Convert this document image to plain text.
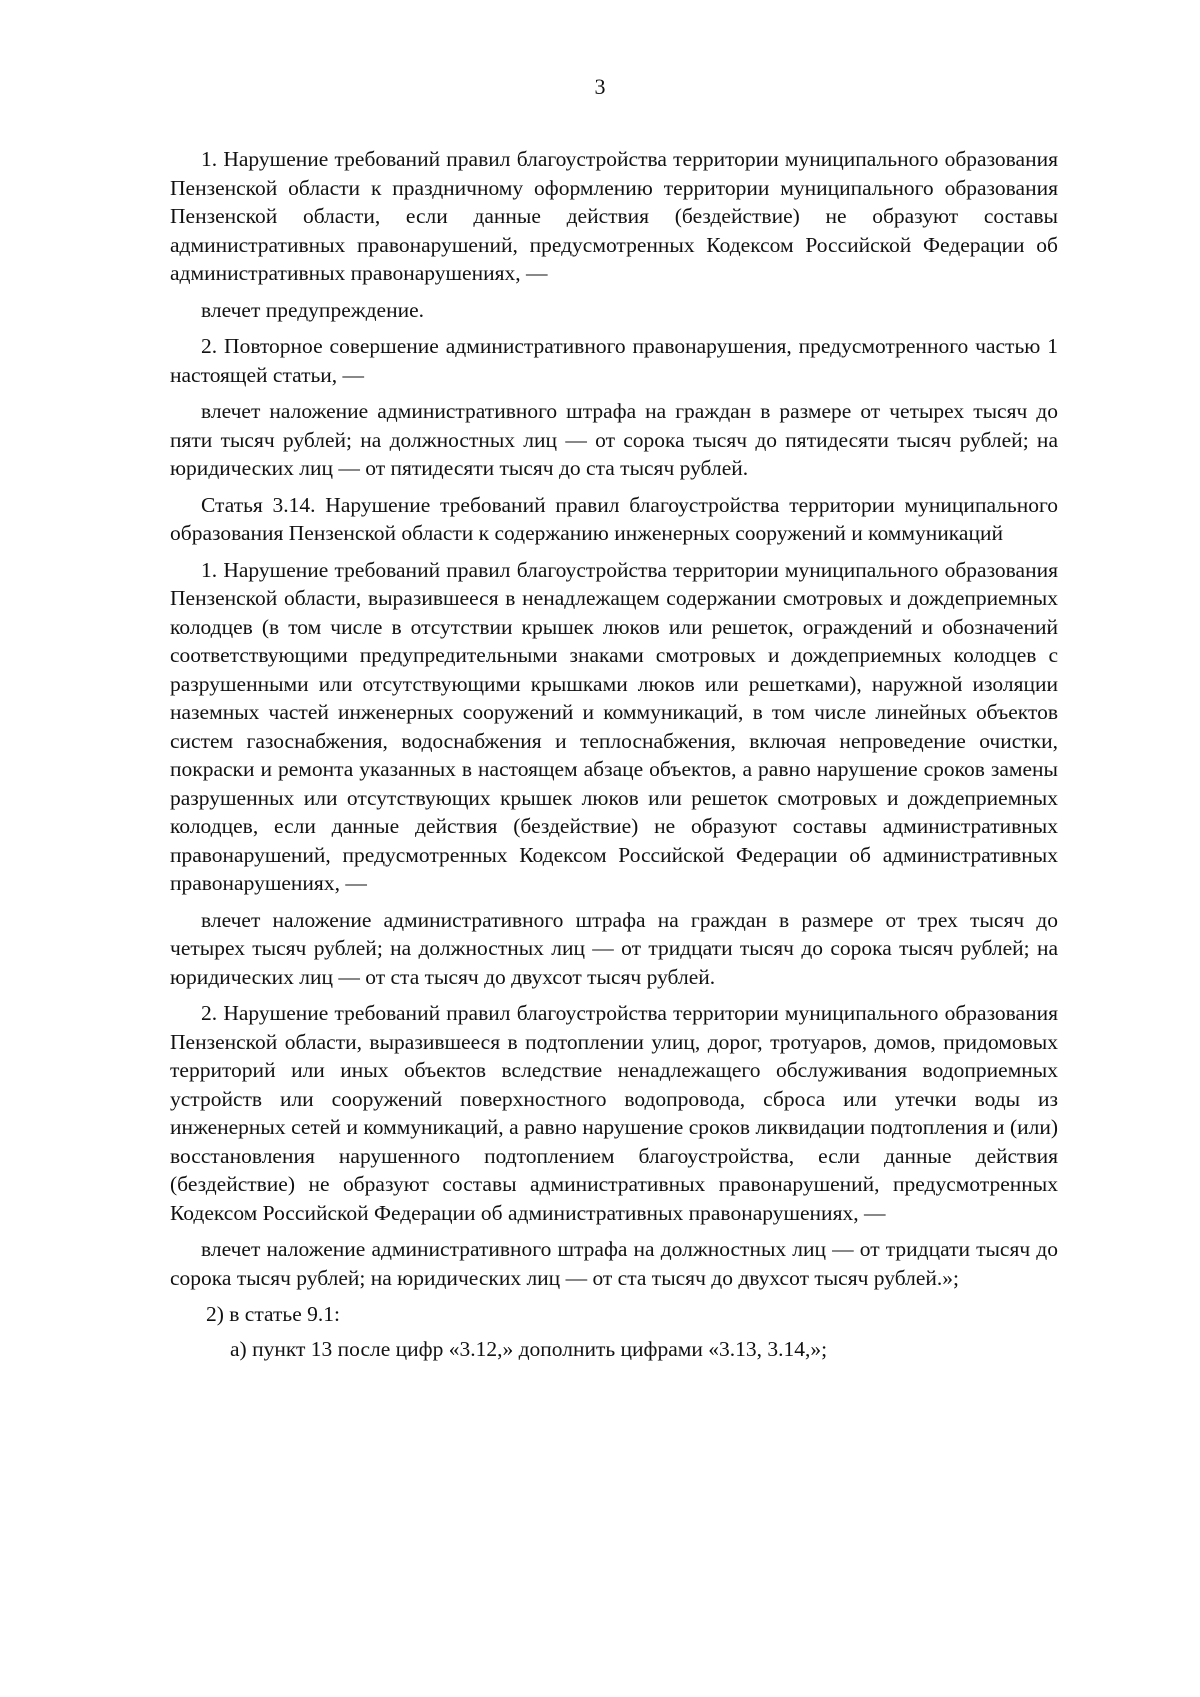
3

1. Нарушение требований правил благоустройства территории муниципального образования Пензенской области к праздничному оформлению территории муниципального образования Пензенской области, если данные действия (бездействие) не образуют составы административных правонарушений, предусмотренных Кодексом Российской Федерации об административных правонарушениях, —

влечет предупреждение.

2. Повторное совершение административного правонарушения, предусмотренного частью 1 настоящей статьи, —

влечет наложение административного штрафа на граждан в размере от четырех тысяч до пяти тысяч рублей; на должностных лиц — от сорока тысяч до пятидесяти тысяч рублей; на юридических лиц — от пятидесяти тысяч до ста тысяч рублей.

Статья 3.14. Нарушение требований правил благоустройства территории муниципального образования Пензенской области к содержанию инженерных сооружений и коммуникаций

1. Нарушение требований правил благоустройства территории муниципального образования Пензенской области, выразившееся в ненадлежащем содержании смотровых и дождеприемных колодцев (в том числе в отсутствии крышек люков или решеток, ограждений и обозначений соответствующими предупредительными знаками смотровых и дождеприемных колодцев с разрушенными или отсутствующими крышками люков или решетками), наружной изоляции наземных частей инженерных сооружений и коммуникаций, в том числе линейных объектов систем газоснабжения, водоснабжения и теплоснабжения, включая непроведение очистки, покраски и ремонта указанных в настоящем абзаце объектов, а равно нарушение сроков замены разрушенных или отсутствующих крышек люков или решеток смотровых и дождеприемных колодцев, если данные действия (бездействие) не образуют составы административных правонарушений, предусмотренных Кодексом Российской Федерации об административных правонарушениях, —

влечет наложение административного штрафа на граждан в размере от трех тысяч до четырех тысяч рублей; на должностных лиц — от тридцати тысяч до сорока тысяч рублей; на юридических лиц — от ста тысяч до двухсот тысяч рублей.

2. Нарушение требований правил благоустройства территории муниципального образования Пензенской области, выразившееся в подтоплении улиц, дорог, тротуаров, домов, придомовых территорий или иных объектов вследствие ненадлежащего обслуживания водоприемных устройств или сооружений поверхностного водопровода, сброса или утечки воды из инженерных сетей и коммуникаций, а равно нарушение сроков ликвидации подтопления и (или) восстановления нарушенного подтоплением благоустройства, если данные действия (бездействие) не образуют составы административных правонарушений, предусмотренных Кодексом Российской Федерации об административных правонарушениях, —

влечет наложение административного штрафа на должностных лиц — от тридцати тысяч до сорока тысяч рублей; на юридических лиц — от ста тысяч до двухсот тысяч рублей.»;

2) в статье 9.1:

а) пункт 13 после цифр «3.12,» дополнить цифрами «3.13, 3.14,»;
